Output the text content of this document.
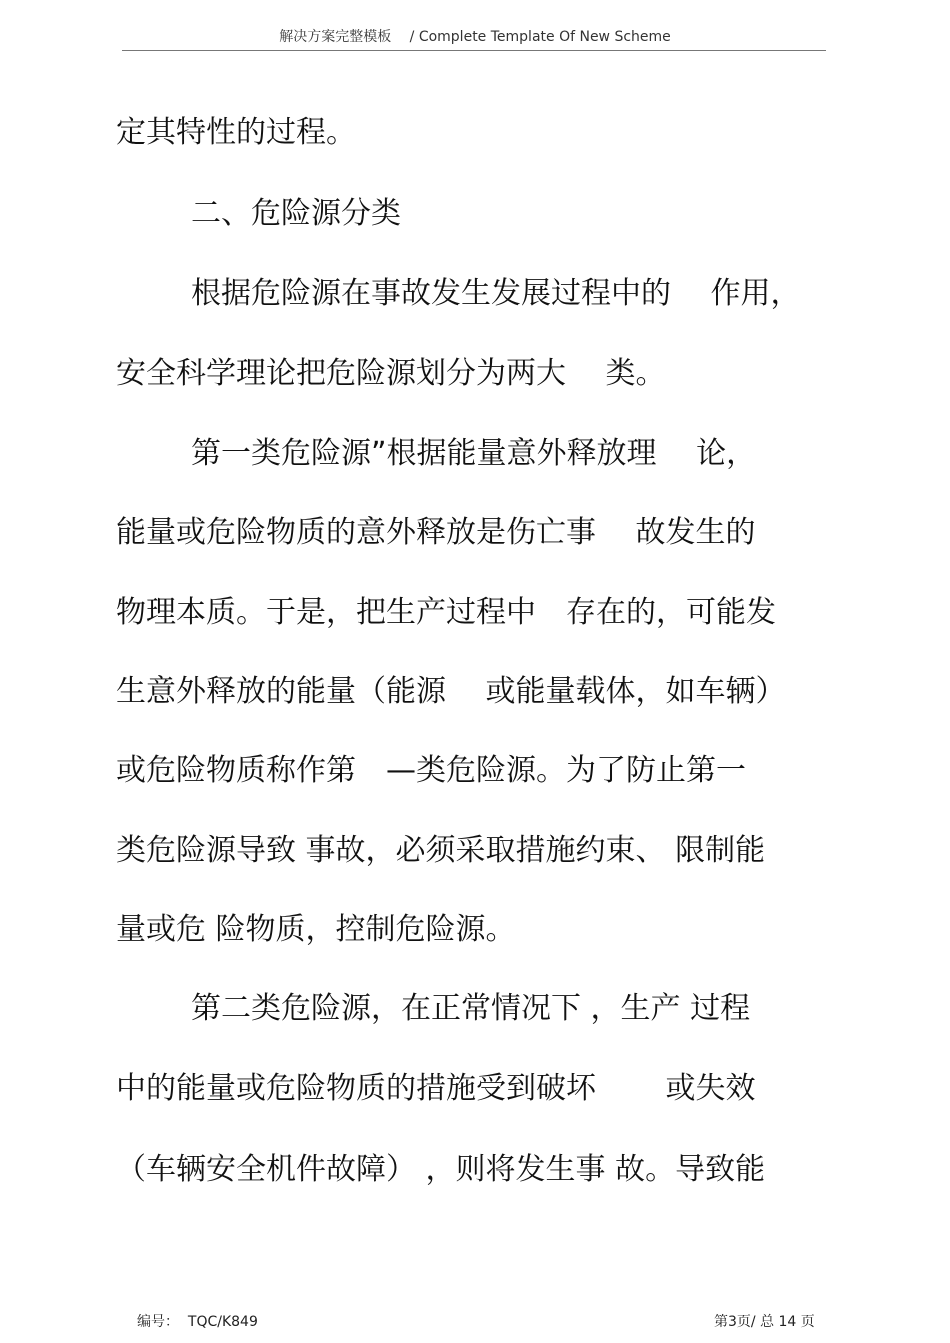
解决方案完整模板　 / Complete Template Of New Scheme
定其特性的过程。
二、危险源分类
根据危险源在事故发生发展过程中的　 作用，
安全科学理论把危险源划分为两大　 类。
第一类危险源”根据能量意外释放理　 论，
能量或危险物质的意外释放是伤亡事　 故发生的
物理本质。于是，把生产过程中　存在的，可能发
生意外释放的能量（能源　 或能量载体，如车辆）
或危险物质称作第　—类危险源。为了防止第一
类危险源导致 事故，必须采取措施约束、 限制能
量或危 险物质，控制危险源。
第二类危险源，在正常情况下 ，生产 过程
中的能量或危险物质的措施受到破坏　　 或失效
（车辆安全机件故障） ，则将发生事 故。导致能
编号：  TQC/K849	第3页/ 总 14 页
